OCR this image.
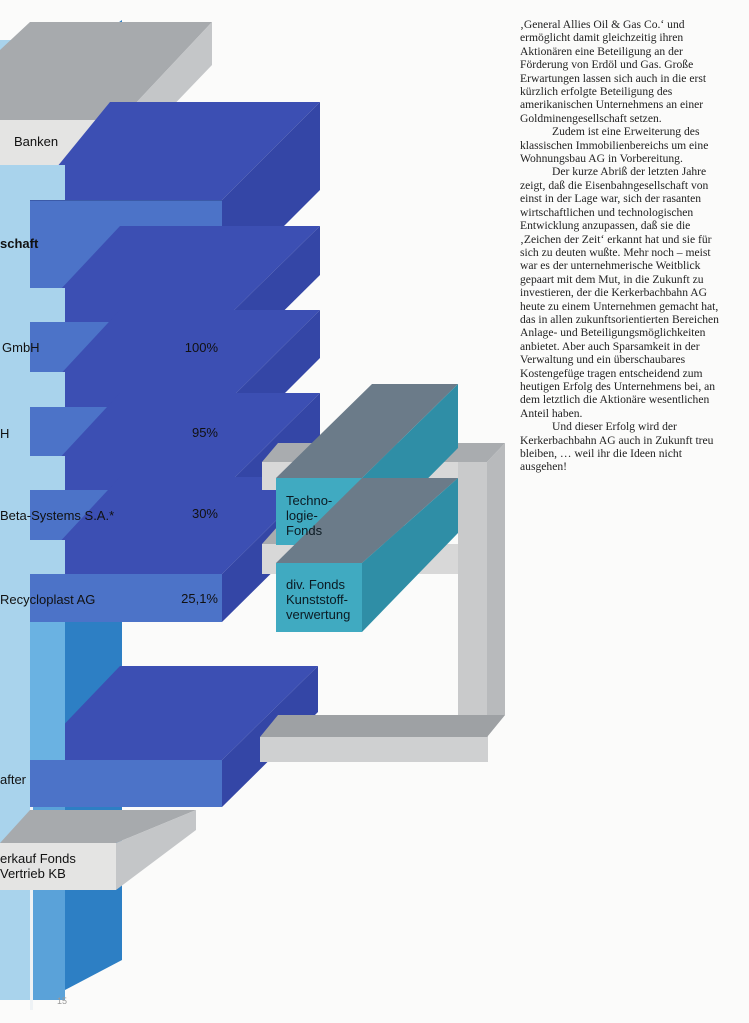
Banken
schaft
GmbH	100%
H	95%
Beta-Systems S.A.*	30%
Recycloplast AG	25,1%
after
erkauf Fonds
Vertrieb KB
Techno-
logie-
Fonds
div. Fonds
Kunststoff-
verwertung

‚General Allies Oil & Gas Co.‘ und ermöglicht damit gleichzeitig ihren Aktionären eine Beteiligung an der Förderung von Erdöl und Gas. Große Erwartungen lassen sich auch in die erst kürzlich erfolgte Beteiligung des amerikanischen Unternehmens an einer Goldminengesellschaft setzen.

Zudem ist eine Erweiterung des klassischen Immobilienbereichs um eine Wohnungsbau AG in Vorbereitung.

Der kurze Abriß der letzten Jahre zeigt, daß die Eisenbahngesellschaft von einst in der Lage war, sich der rasanten wirtschaftlichen und technologischen Entwicklung anzupassen, daß sie die ‚Zeichen der Zeit‘ erkannt hat und sie für sich zu deuten wußte. Mehr noch – meist war es der unternehmerische Weitblick gepaart mit dem Mut, in die Zukunft zu investieren, der die Kerkerbachbahn AG heute zu einem Unternehmen gemacht hat, das in allen zukunftsorientierten Bereichen Anlage- und Beteiligungsmöglichkeiten anbietet. Aber auch Sparsamkeit in der Verwaltung und ein überschaubares Kostengefüge tragen entscheidend zum heutigen Erfolg des Unternehmens bei, an dem letztlich die Aktionäre wesentlichen Anteil haben.

Und dieser Erfolg wird der Kerkerbachbahn AG auch in Zukunft treu bleiben, … weil ihr die Ideen nicht ausgehen!

15
